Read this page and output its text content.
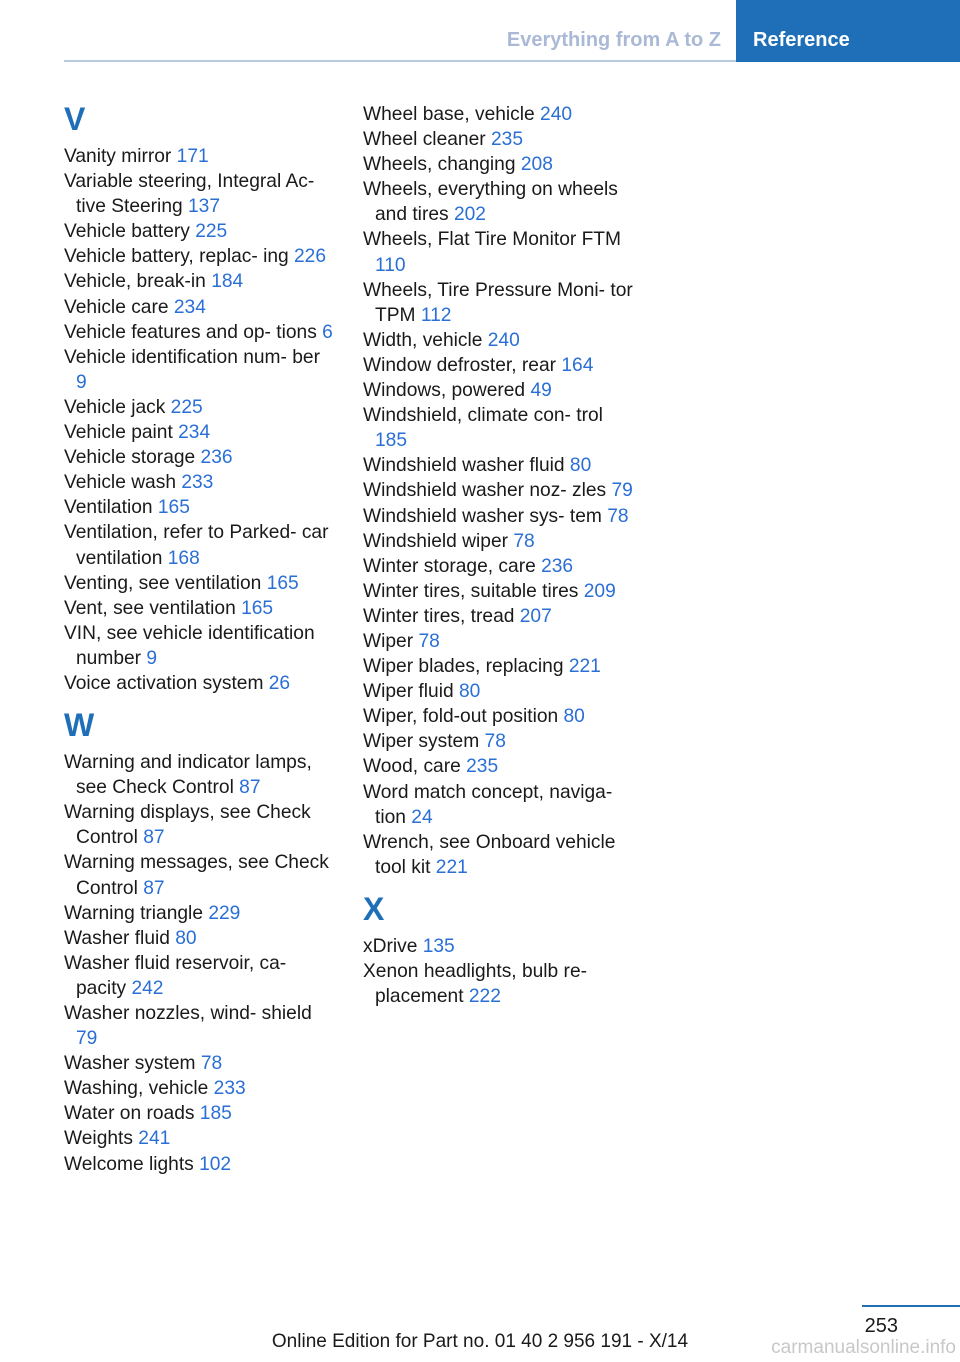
Everything from A to Z	Reference
V
Vanity mirror 171
Variable steering, Integral Ac- tive Steering 137
Vehicle battery 225
Vehicle battery, replac- ing 226
Vehicle, break-in 184
Vehicle care 234
Vehicle features and op- tions 6
Vehicle identification num- ber 9
Vehicle jack 225
Vehicle paint 234
Vehicle storage 236
Vehicle wash 233
Ventilation 165
Ventilation, refer to Parked- car ventilation 168
Venting, see ventilation 165
Vent, see ventilation 165
VIN, see vehicle identification number 9
Voice activation system 26
W
Warning and indicator lamps, see Check Control 87
Warning displays, see Check Control 87
Warning messages, see Check Control 87
Warning triangle 229
Washer fluid 80
Washer fluid reservoir, ca- pacity 242
Washer nozzles, wind- shield 79
Washer system 78
Washing, vehicle 233
Water on roads 185
Weights 241
Welcome lights 102
Wheel base, vehicle 240
Wheel cleaner 235
Wheels, changing 208
Wheels, everything on wheels and tires 202
Wheels, Flat Tire Monitor FTM 110
Wheels, Tire Pressure Moni- tor TPM 112
Width, vehicle 240
Window defroster, rear 164
Windows, powered 49
Windshield, climate con- trol 185
Windshield washer fluid 80
Windshield washer noz- zles 79
Windshield washer sys- tem 78
Windshield wiper 78
Winter storage, care 236
Winter tires, suitable tires 209
Winter tires, tread 207
Wiper 78
Wiper blades, replacing 221
Wiper fluid 80
Wiper, fold-out position 80
Wiper system 78
Wood, care 235
Word match concept, naviga- tion 24
Wrench, see Onboard vehicle tool kit 221
X
xDrive 135
Xenon headlights, bulb re- placement 222
253
Online Edition for Part no. 01 40 2 956 191 - X/14	carmanualsonline.info
